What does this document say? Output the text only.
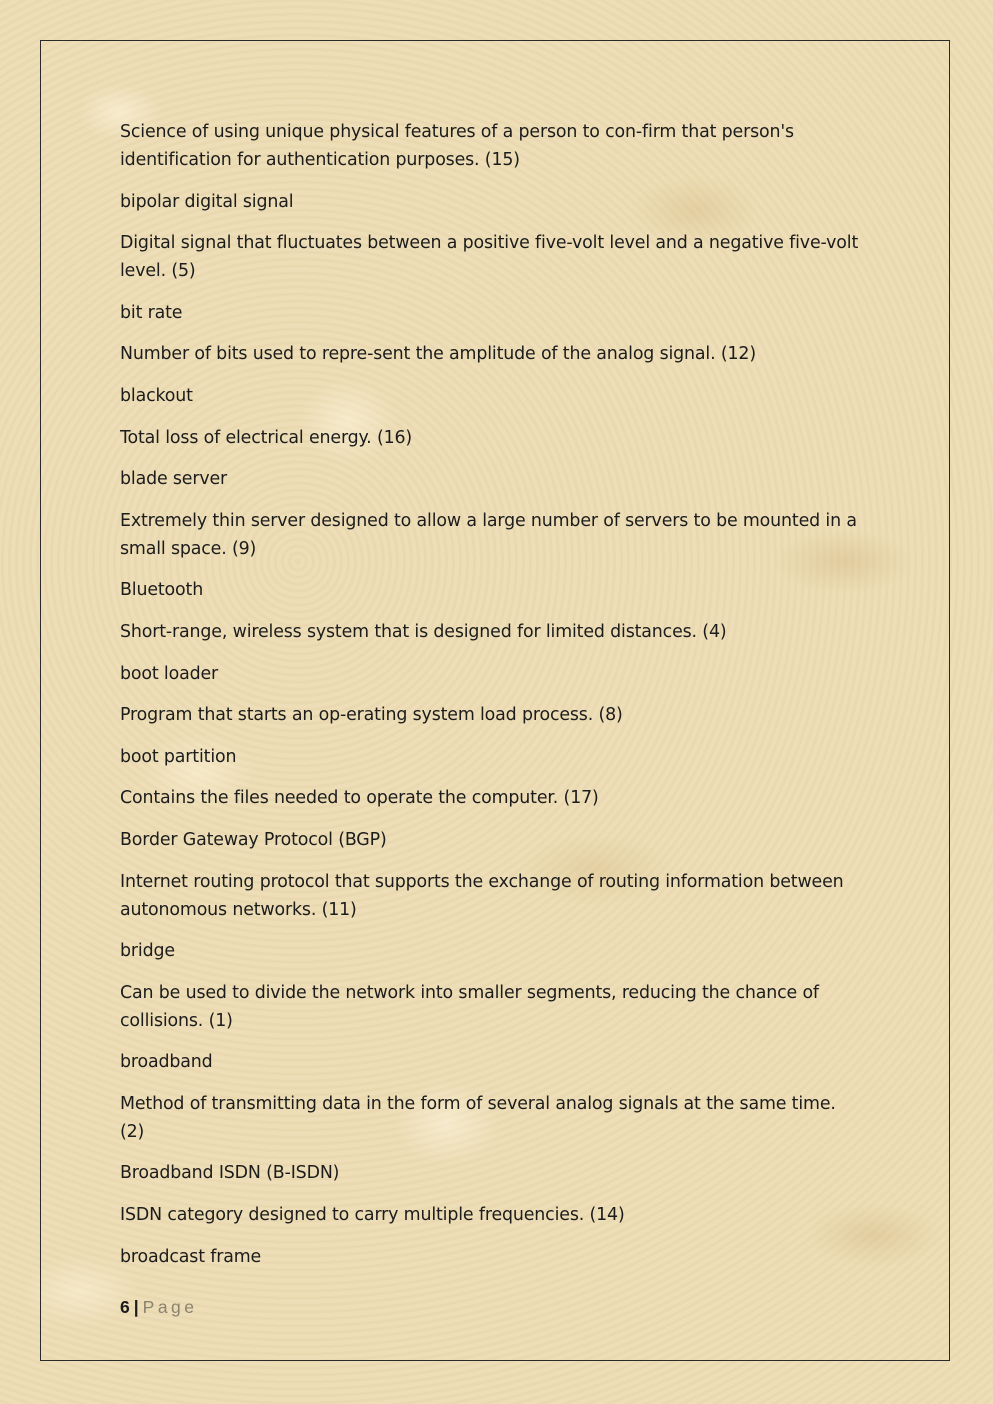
Science of using unique physical features of a person to con-firm that person's identification for authentication purposes. (15)

bipolar digital signal

Digital signal that fluctuates between a positive five-volt level and a negative five-volt level. (5)

bit rate

Number of bits used to repre-sent the amplitude of the analog signal. (12)

blackout

Total loss of electrical energy. (16)

blade server

Extremely thin server designed to allow a large number of servers to be mounted in a small space. (9)

Bluetooth

Short-range, wireless system that is designed for limited distances. (4)

boot loader

Program that starts an op-erating system load process. (8)

boot partition

Contains the files needed to operate the computer. (17)

Border Gateway Protocol (BGP)

Internet routing protocol that supports the exchange of routing information between autonomous networks. (11)

bridge

Can be used to divide the network into smaller segments, reducing the chance of collisions. (1)

broadband

Method of transmitting data in the form of several analog signals at the same time. (2)

Broadband ISDN (B-ISDN)

ISDN category designed to carry multiple frequencies. (14)

broadcast frame

6 | Page
